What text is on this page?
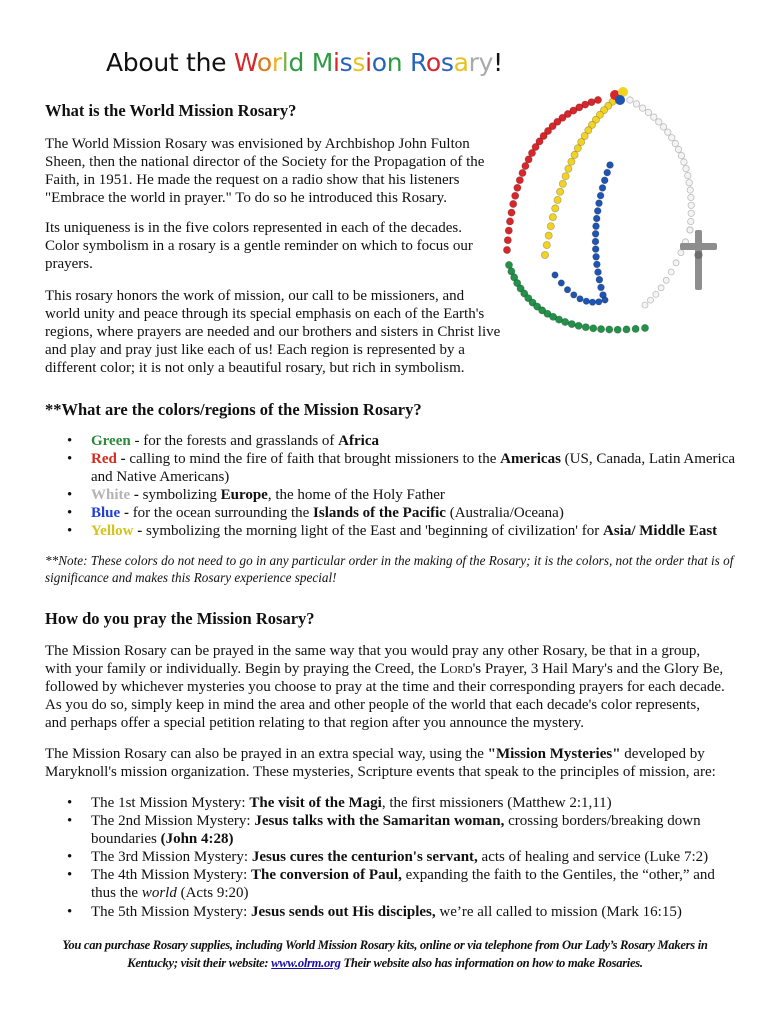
About the World Mission Rosary!
What is the World Mission Rosary?

The World Mission Rosary was envisioned by Archbishop John Fulton Sheen, then the national director of the Society for the Propagation of the Faith, in 1951. He made the request on a radio show that his listeners "Embrace the world in prayer." To do so he introduced this Rosary.

Its uniqueness is in the five colors represented in each of the decades. Color symbolism in a rosary is a gentle reminder on which to focus our prayers.

This rosary honors the work of mission, our call to be missioners, and world unity and peace through its special emphasis on each of the Earth's regions, where prayers are needed and our brothers and sisters in Christ live and play and pray just like each of us! Each region is represented by a different color; it is not only a beautiful rosary, but rich in symbolism.

**What are the colors/regions of the Mission Rosary?
• Green - for the forests and grasslands of Africa
• Red - calling to mind the fire of faith that brought missioners to the Americas (US, Canada, Latin America and Native Americans)
• White - symbolizing Europe, the home of the Holy Father
• Blue - for the ocean surrounding the Islands of the Pacific (Australia/Oceana)
• Yellow - symbolizing the morning light of the East and 'beginning of civilization' for Asia/ Middle East

**Note: These colors do not need to go in any particular order in the making of the Rosary; it is the colors, not the order that is of significance and makes this Rosary experience special!

How do you pray the Mission Rosary?

The Mission Rosary can be prayed in the same way that you would pray any other Rosary, be that in a group, with your family or individually. Begin by praying the Creed, the Lord's Prayer, 3 Hail Mary's and the Glory Be, followed by whichever mysteries you choose to pray at the time and their corresponding prayers for each decade. As you do so, simply keep in mind the area and other people of the world that each decade's color represents, and perhaps offer a special petition relating to that region after you announce the mystery.

The Mission Rosary can also be prayed in an extra special way, using the "Mission Mysteries" developed by Maryknoll's mission organization. These mysteries, Scripture events that speak to the principles of mission, are:

• The 1st Mission Mystery: The visit of the Magi, the first missioners (Matthew 2:1,11)
• The 2nd Mission Mystery: Jesus talks with the Samaritan woman, crossing borders/breaking down boundaries (John 4:28)
• The 3rd Mission Mystery: Jesus cures the centurion's servant, acts of healing and service (Luke 7:2)
• The 4th Mission Mystery: The conversion of Paul, expanding the faith to the Gentiles, the “other,” and thus the world (Acts 9:20)
• The 5th Mission Mystery: Jesus sends out His disciples, we’re all called to mission (Mark 16:15)

You can purchase Rosary supplies, including World Mission Rosary kits, online or via telephone from Our Lady’s Rosary Makers in Kentucky; visit their website: www.olrm.org Their website also has information on how to make Rosaries.
